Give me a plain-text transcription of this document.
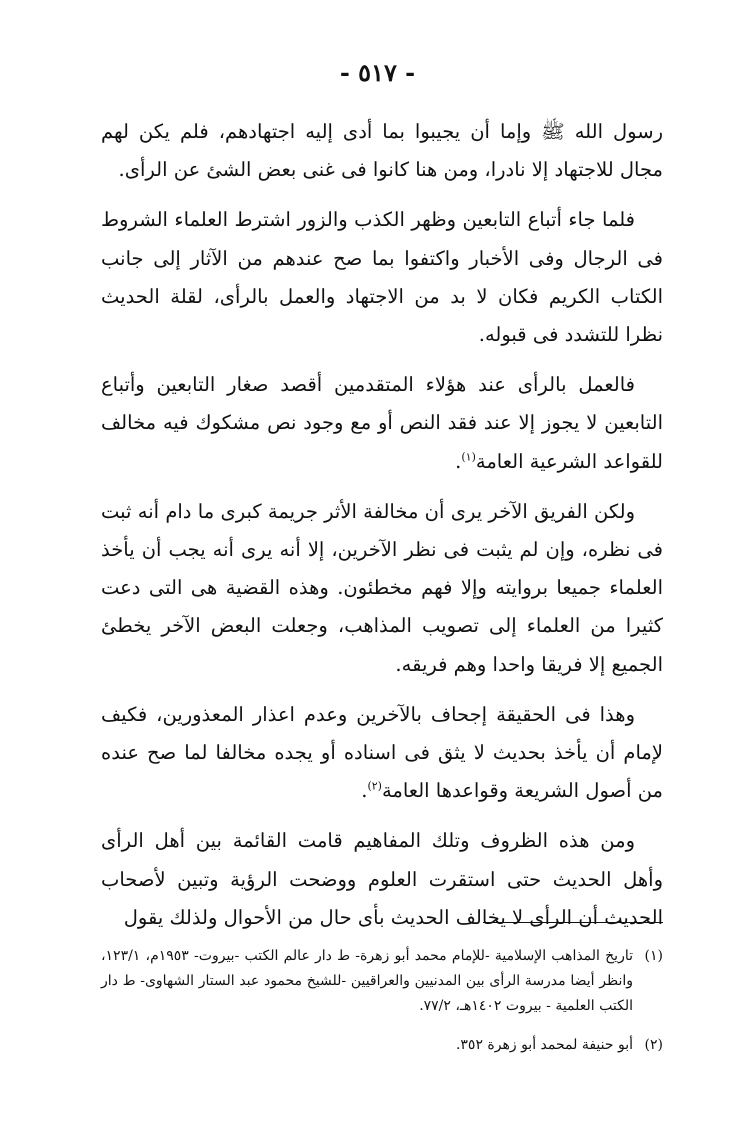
- ٥١٧ -

رسول الله ﷺ وإما أن يجيبوا بما أدى إليه اجتهادهم، فلم يكن لهم مجال للاجتهاد إلا نادرا، ومن هنا كانوا فى غنى بعض الشئ عن الرأى.

فلما جاء أتباع التابعين وظهر الكذب والزور اشترط العلماء الشروط فى الرجال وفى الأخبار واكتفوا بما صح عندهم من الآثار إلى جانب الكتاب الكريم فكان لا بد من الاجتهاد والعمل بالرأى، لقلة الحديث نظرا للتشدد فى قبوله.

فالعمل بالرأى عند هؤلاء المتقدمين أقصد صغار التابعين وأتباع التابعين لا يجوز إلا عند فقد النص أو مع وجود نص مشكوك فيه مخالف للقواعد الشرعية العامة$^{(١)}$.

ولكن الفريق الآخر يرى أن مخالفة الأثر جريمة كبرى ما دام أنه ثبت فى نظره، وإن لم يثبت فى نظر الآخرين، إلا أنه يرى أنه يجب أن يأخذ العلماء جميعا بروايته وإلا فهم مخطئون. وهذه القضية هى التى دعت كثيرا من العلماء إلى تصويب المذاهب، وجعلت البعض الآخر يخطئ الجميع إلا فريقا واحدا وهم فريقه.

وهذا فى الحقيقة إجحاف بالآخرين وعدم اعذار المعذورين، فكيف لإمام أن يأخذ بحديث لا يثق فى اسناده أو يجده مخالفا لما صح عنده من أصول الشريعة وقواعدها العامة$^{(٢)}$.

ومن هذه الظروف وتلك المفاهيم قامت القائمة بين أهل الرأى وأهل الحديث حتى استقرت العلوم ووضحت الرؤية وتبين لأصحاب الحديث أن الرأى لا يخالف الحديث بأى حال من الأحوال ولذلك يقول

(١)
تاريخ المذاهب الإسلامية -للإمام محمد أبو زهرة- ط دار عالم الكتب -بيروت- ١٩٥٣م، ١٢٣/١، وانظر أيضا مدرسة الرأى بين المدنيين والعراقيين -للشيخ محمود عبد الستار الشهاوى- ط دار الكتب العلمية - بيروت ١٤٠٢هـ، ٧٧/٢.
(٢)
أبو حنيفة لمحمد أبو زهرة ٣٥٢.
